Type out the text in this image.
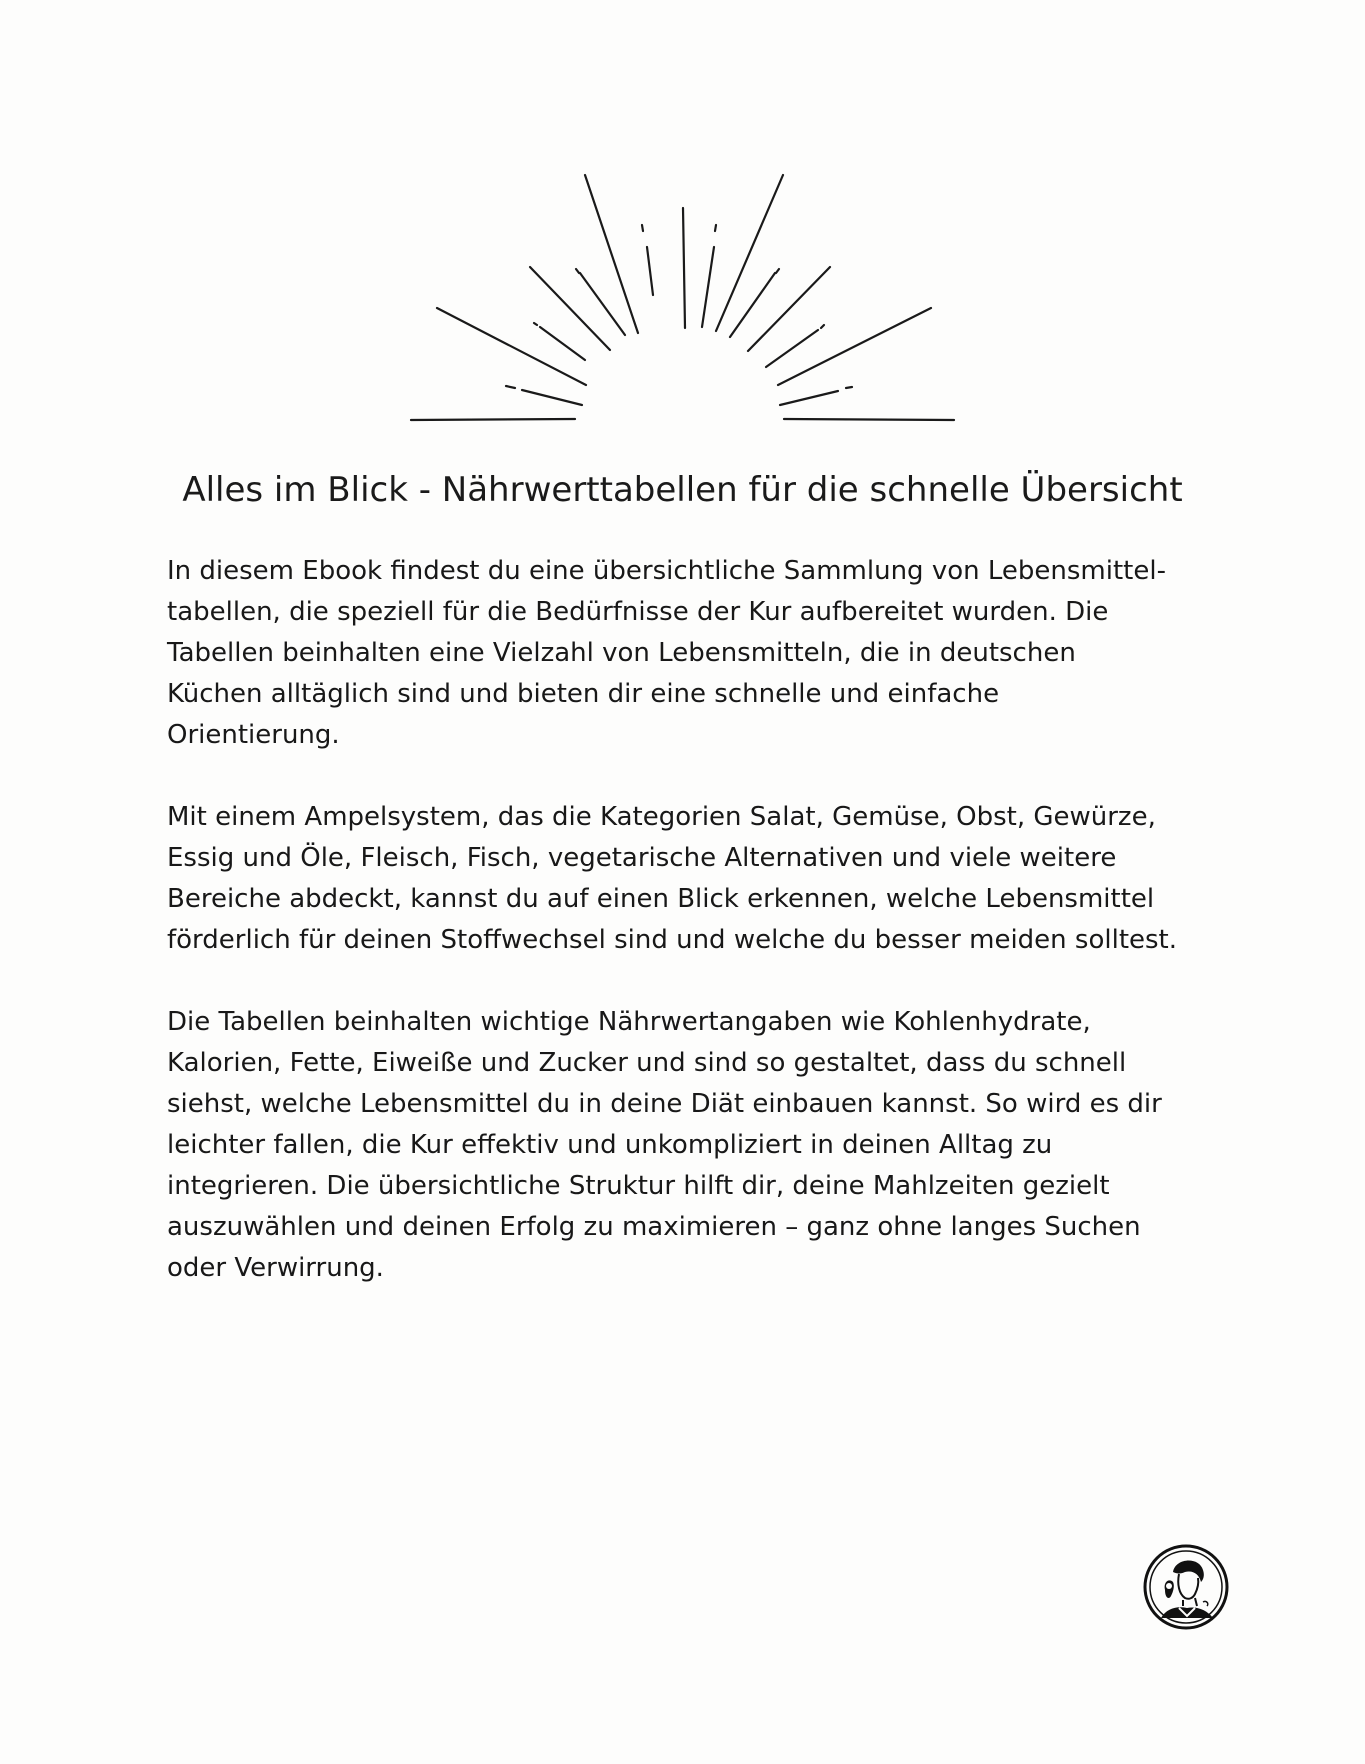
Alles im Blick - Nährwerttabellen für die schnelle Übersicht

In diesem Ebook findest du eine übersichtliche Sammlung von Lebensmittel-
tabellen, die speziell für die Bedürfnisse der Kur aufbereitet wurden. Die
Tabellen beinhalten eine Vielzahl von Lebensmitteln, die in deutschen
Küchen alltäglich sind und bieten dir eine schnelle und einfache
Orientierung.

Mit einem Ampelsystem, das die Kategorien Salat, Gemüse, Obst, Gewürze,
Essig und Öle, Fleisch, Fisch, vegetarische Alternativen und viele weitere
Bereiche abdeckt, kannst du auf einen Blick erkennen, welche Lebensmittel
förderlich für deinen Stoffwechsel sind und welche du besser meiden solltest.

Die Tabellen beinhalten wichtige Nährwertangaben wie Kohlenhydrate,
Kalorien, Fette, Eiweiße und Zucker und sind so gestaltet, dass du schnell
siehst, welche Lebensmittel du in deine Diät einbauen kannst. So wird es dir
leichter fallen, die Kur effektiv und unkompliziert in deinen Alltag zu
integrieren. Die übersichtliche Struktur hilft dir, deine Mahlzeiten gezielt
auszuwählen und deinen Erfolg zu maximieren – ganz ohne langes Suchen
oder Verwirrung.
